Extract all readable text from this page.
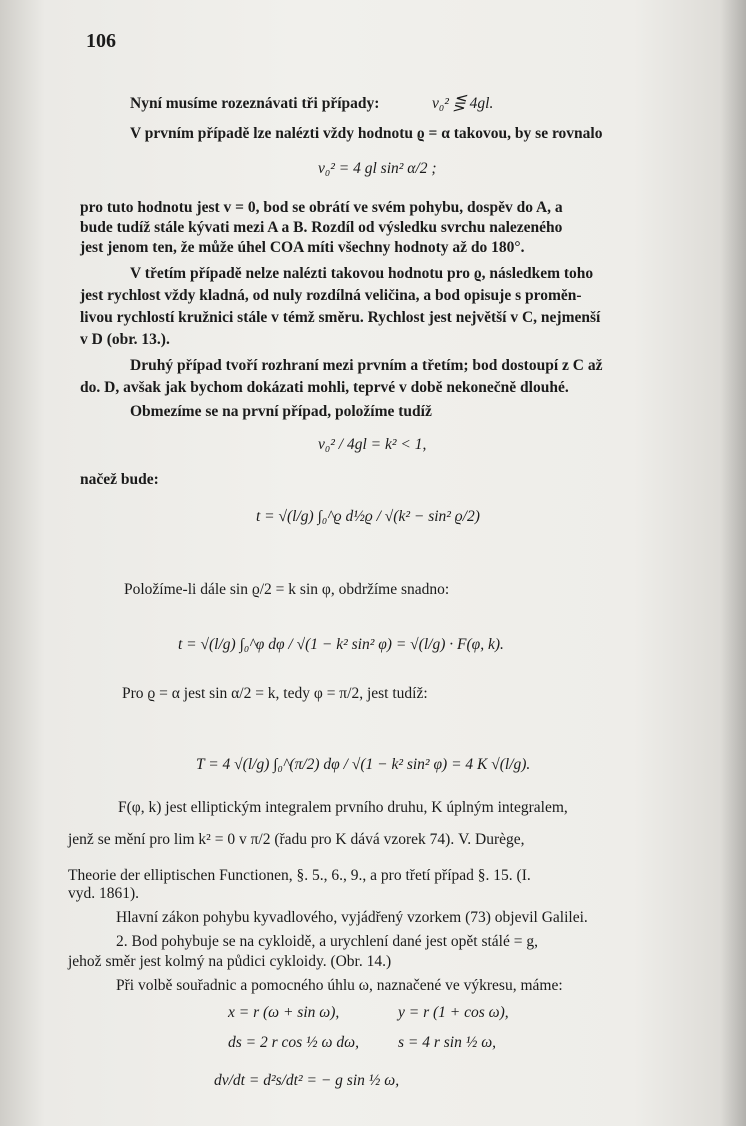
106
Nyní musíme rozeznávati tři případy:	v₀² ⋚ 4gl.
V prvním případě lze nalézti vždy hodnotu ϱ = α takovou, by se rovnalo
v₀² = 4 gl sin² α/2 ;
pro tuto hodnotu jest v = 0, bod se obrátí ve svém pohybu, dospěv do A, a
bude tudíž stále kývati mezi A a B. Rozdíl od výsledku svrchu nalezeného
jest jenom ten, že může úhel COA míti všechny hodnoty až do 180°.
V třetím případě nelze nalézti takovou hodnotu pro ϱ, následkem toho
jest rychlost vždy kladná, od nuly rozdílná veličina, a bod opisuje s proměn-
livou rychlostí kružnici stále v témž směru. Rychlost jest největší v C, nejmenší
v D (obr. 13.).
Druhý případ tvoří rozhraní mezi prvním a třetím; bod dostoupí z C až
do. D, avšak jak bychom dokázati mohli, teprvé v době nekonečně dlouhé.
Obmezíme se na první případ, položíme tudíž
v₀² / 4gl = k² < 1,
načež bude:
t = √(l/g) ∫₀^ϱ d½ϱ / √(k² − sin² ϱ/2)
Položíme-li dále sin ϱ/2 = k sin φ, obdržíme snadno:
t = √(l/g) ∫₀^φ dφ / √(1 − k² sin² φ) = √(l/g) · F(φ, k).
Pro ϱ = α jest sin α/2 = k, tedy φ = π/2, jest tudíž:
T = 4 √(l/g) ∫₀^(π/2) dφ / √(1 − k² sin² φ) = 4 K √(l/g).
F(φ, k) jest elliptickým integralem prvního druhu, K úplným integralem,
jenž se mění pro lim k² = 0 v π/2 (řadu pro K dává vzorek 74). V. Durège,
Theorie der elliptischen Functionen, §. 5., 6., 9., a pro třetí případ §. 15. (I.
vyd. 1861).
Hlavní zákon pohybu kyvadlového, vyjádřený vzorkem (73) objevil Galilei.
2. Bod pohybuje se na cykloidě, a urychlení dané jest opět stálé = g,
jehož směr jest kolmý na půdici cykloidy. (Obr. 14.)
Při volbě souřadnic a pomocného úhlu ω, naznačené ve výkresu, máme:
x = r (ω + sin ω),	y = r (1 + cos ω),
ds = 2 r cos ½ ω dω,	s = 4 r sin ½ ω,
dv/dt = d²s/dt² = − g sin ½ ω,
